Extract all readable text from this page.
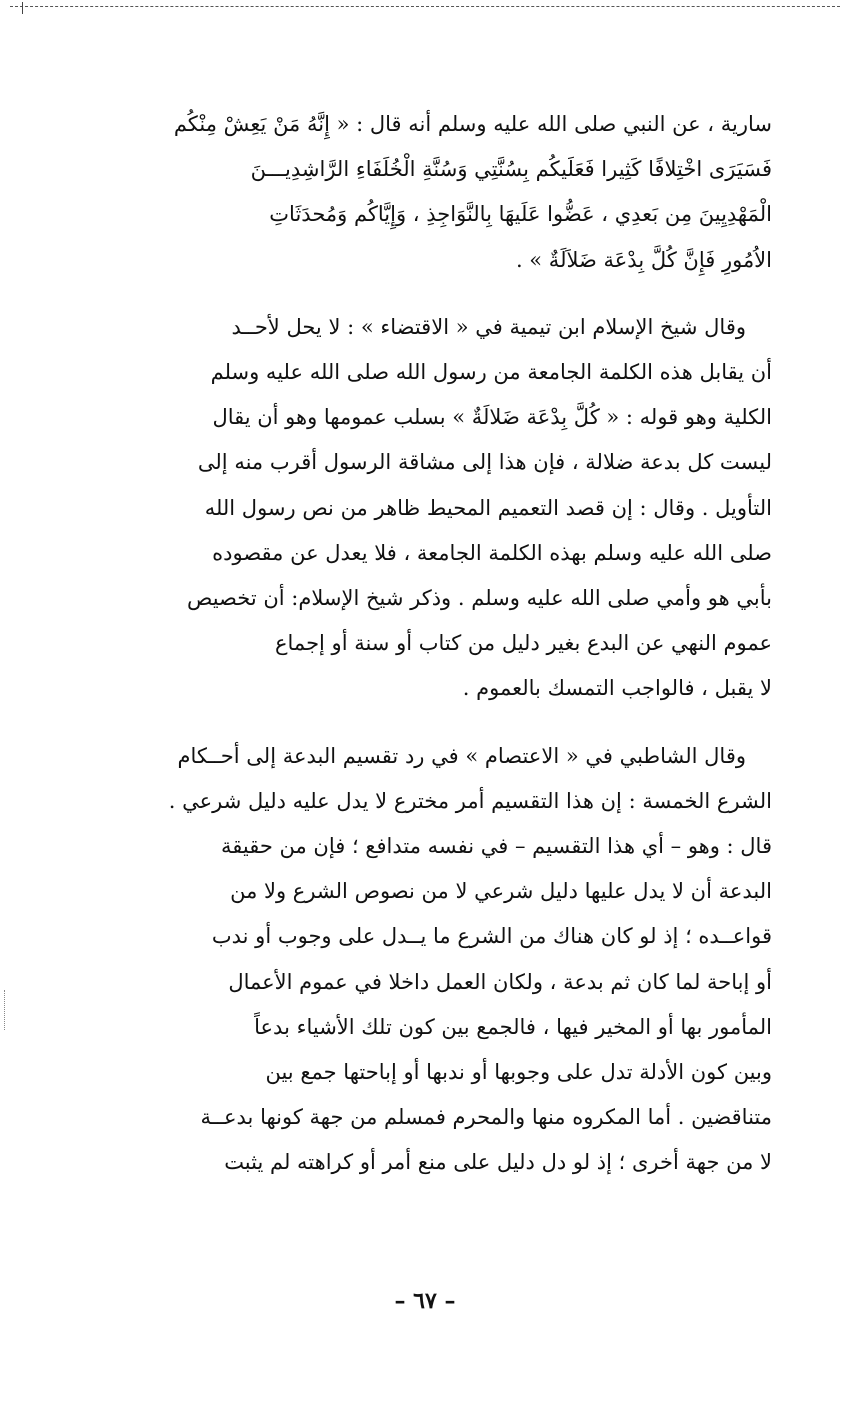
سارية ، عن النبي صلى الله عليه وسلم أنه قال : « إِنَّهُ مَنْ يَعِشْ مِنْكُم
فَسَيَرَى اخْتِلافًا كَثِيرا فَعَلَيكُم بِسُنَّتِي وَسُنَّةِ الْخُلَفَاءِ الرَّاشِدِيـــنَ
الْمَهْدِيِينَ مِن بَعدِي ، عَضُّوا عَلَيهَا بِالنَّوَاجِذِ ، وَإِيَّاكُم وَمُحدَثَاتِ
الاُمُورِ فَإِنَّ كُلَّ بِدْعَة ضَلاَلَةٌ » .

وقال شيخ الإسلام ابن تيمية في « الاقتضاء » : لا يحل لأحــد
أن يقابل هذه الكلمة الجامعة من رسول الله صلى الله عليه وسلم
الكلية وهو قوله : « كُلَّ بِدْعَة ضَلالَةٌ » بسلب عمومها وهو أن يقال
ليست كل بدعة ضلالة ، فإن هذا إلى مشاقة الرسول أقرب منه إلى
التأويل . وقال : إن قصد التعميم المحيط ظاهر من نص رسول الله
صلى الله عليه وسلم بهذه الكلمة الجامعة ، فلا يعدل عن مقصوده
بأبي هو وأمي صلى الله عليه وسلم . وذكر شيخ الإسلام: أن تخصيص
عموم النهي عن البدع بغير دليل من كتاب أو سنة أو إجماع
لا يقبل ، فالواجب التمسك بالعموم .

وقال الشاطبي في « الاعتصام » في رد تقسيم البدعة إلى أحــكام
الشرع الخمسة : إن هذا التقسيم أمر مخترع لا يدل عليه دليل شرعي .
قال : وهو – أي هذا التقسيم – في نفسه متدافع ؛ فإن من حقيقة
البدعة أن لا يدل عليها دليل شرعي لا من نصوص الشرع ولا من
قواعــده ؛ إذ لو كان هناك من الشرع ما يــدل على وجوب أو ندب
أو إباحة لما كان ثم بدعة ، ولكان العمل داخلا في عموم الأعمال
المأمور بها أو المخير فيها ، فالجمع بين كون تلك الأشياء بدعاً
وبين كون الأدلة تدل على وجوبها أو ندبها أو إباحتها جمع بين
متناقضين . أما المكروه منها والمحرم فمسلم من جهة كونها بدعــة
لا من جهة أخرى ؛ إذ لو دل دليل على منع أمر أو كراهته لم يثبت

– ٦٧ –
